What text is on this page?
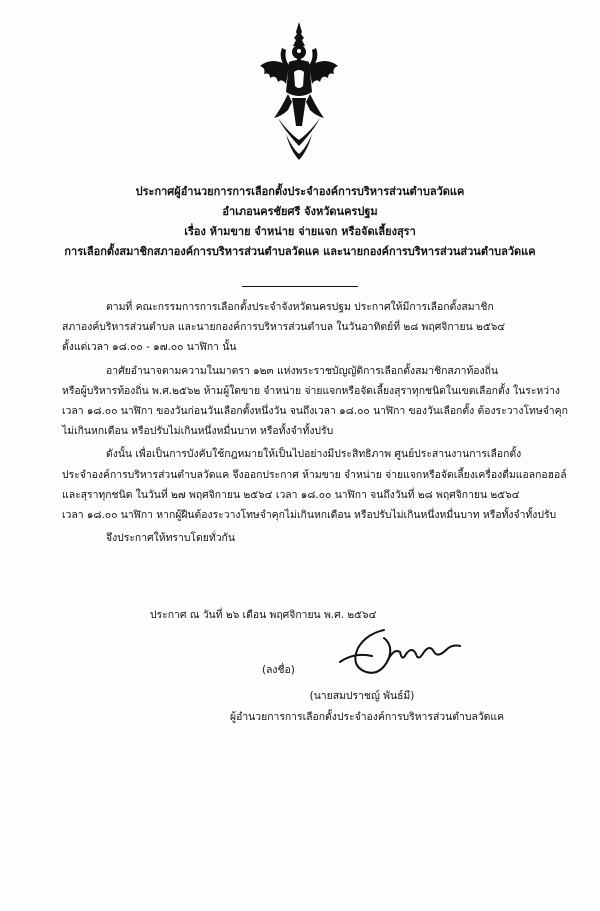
ประกาศผู้อำนวยการการเลือกตั้งประจำองค์การบริหารส่วนตำบลวัดแค
อำเภอนครชัยศรี จังหวัดนครปฐม
เรื่อง ห้ามขาย จำหน่าย จ่ายแจก หรือจัดเลี้ยงสุรา
การเลือกตั้งสมาชิกสภาองค์การบริหารส่วนตำบลวัดแค และนายกองค์การบริหารส่วนส่วนตำบลวัดแค
ตามที่ คณะกรรมการการเลือกตั้งประจำจังหวัดนครปฐม ประกาศให้มีการเลือกตั้งสมาชิก
สภาองค์บริหารส่วนตำบล และนายกองค์การบริหารส่วนตำบล ในวันอาทิตย์ที่ ๒๘ พฤศจิกายน ๒๕๖๔
ตั้งแต่เวลา ๑๘.๐๐ - ๑๗.๐๐ นาฬิกา นั้น
อาศัยอำนาจตามความในมาตรา ๑๒๓ แห่งพระราชบัญญัติการเลือกตั้งสมาชิกสภาท้องถิ่น
หรือผู้บริหารท้องถิ่น พ.ศ.๒๕๖๒ ห้ามผู้ใดขาย จำหน่าย จ่ายแจกหรือจัดเลี้ยงสุราทุกชนิดในเขตเลือกตั้ง ในระหว่าง
เวลา ๑๘.๐๐ นาฬิกา ของวันก่อนวันเลือกตั้งหนึ่งวัน จนถึงเวลา ๑๘.๐๐ นาฬิกา ของวันเลือกตั้ง ต้องระวางโทษจำคุก
ไม่เกินหกเดือน หรือปรับไม่เกินหนึ่งหมื่นบาท หรือทั้งจำทั้งปรับ
ดังนั้น เพื่อเป็นการบังคับใช้กฎหมายให้เป็นไปอย่างมีประสิทธิภาพ ศูนย์ประสานงานการเลือกตั้ง
ประจำองค์การบริหารส่วนตำบลวัดแค จึงออกประกาศ ห้ามขาย จำหน่าย จ่ายแจกหรือจัดเลี้ยงเครื่องดื่มแอลกอฮอล์
และสุราทุกชนิด ในวันที่ ๒๗ พฤศจิกายน ๒๕๖๔ เวลา ๑๘.๐๐ นาฬิกา จนถึงวันที่ ๒๘ พฤศจิกายน ๒๕๖๔
เวลา ๑๘.๐๐ นาฬิกา หากผู้ฝืนต้องระวางโทษจำคุกไม่เกินหกเดือน หรือปรับไม่เกินหนึ่งหมื่นบาท หรือทั้งจำทั้งปรับ
จึงประกาศให้ทราบโดยทั่วกัน
ประกาศ ณ วันที่ ๒๖ เดือน พฤศจิกายน พ.ศ. ๒๕๖๔
(ลงชื่อ)
(นายสมปราชญ์ พันธ์มี)
ผู้อำนวยการการเลือกตั้งประจำองค์การบริหารส่วนตำบลวัดแค
